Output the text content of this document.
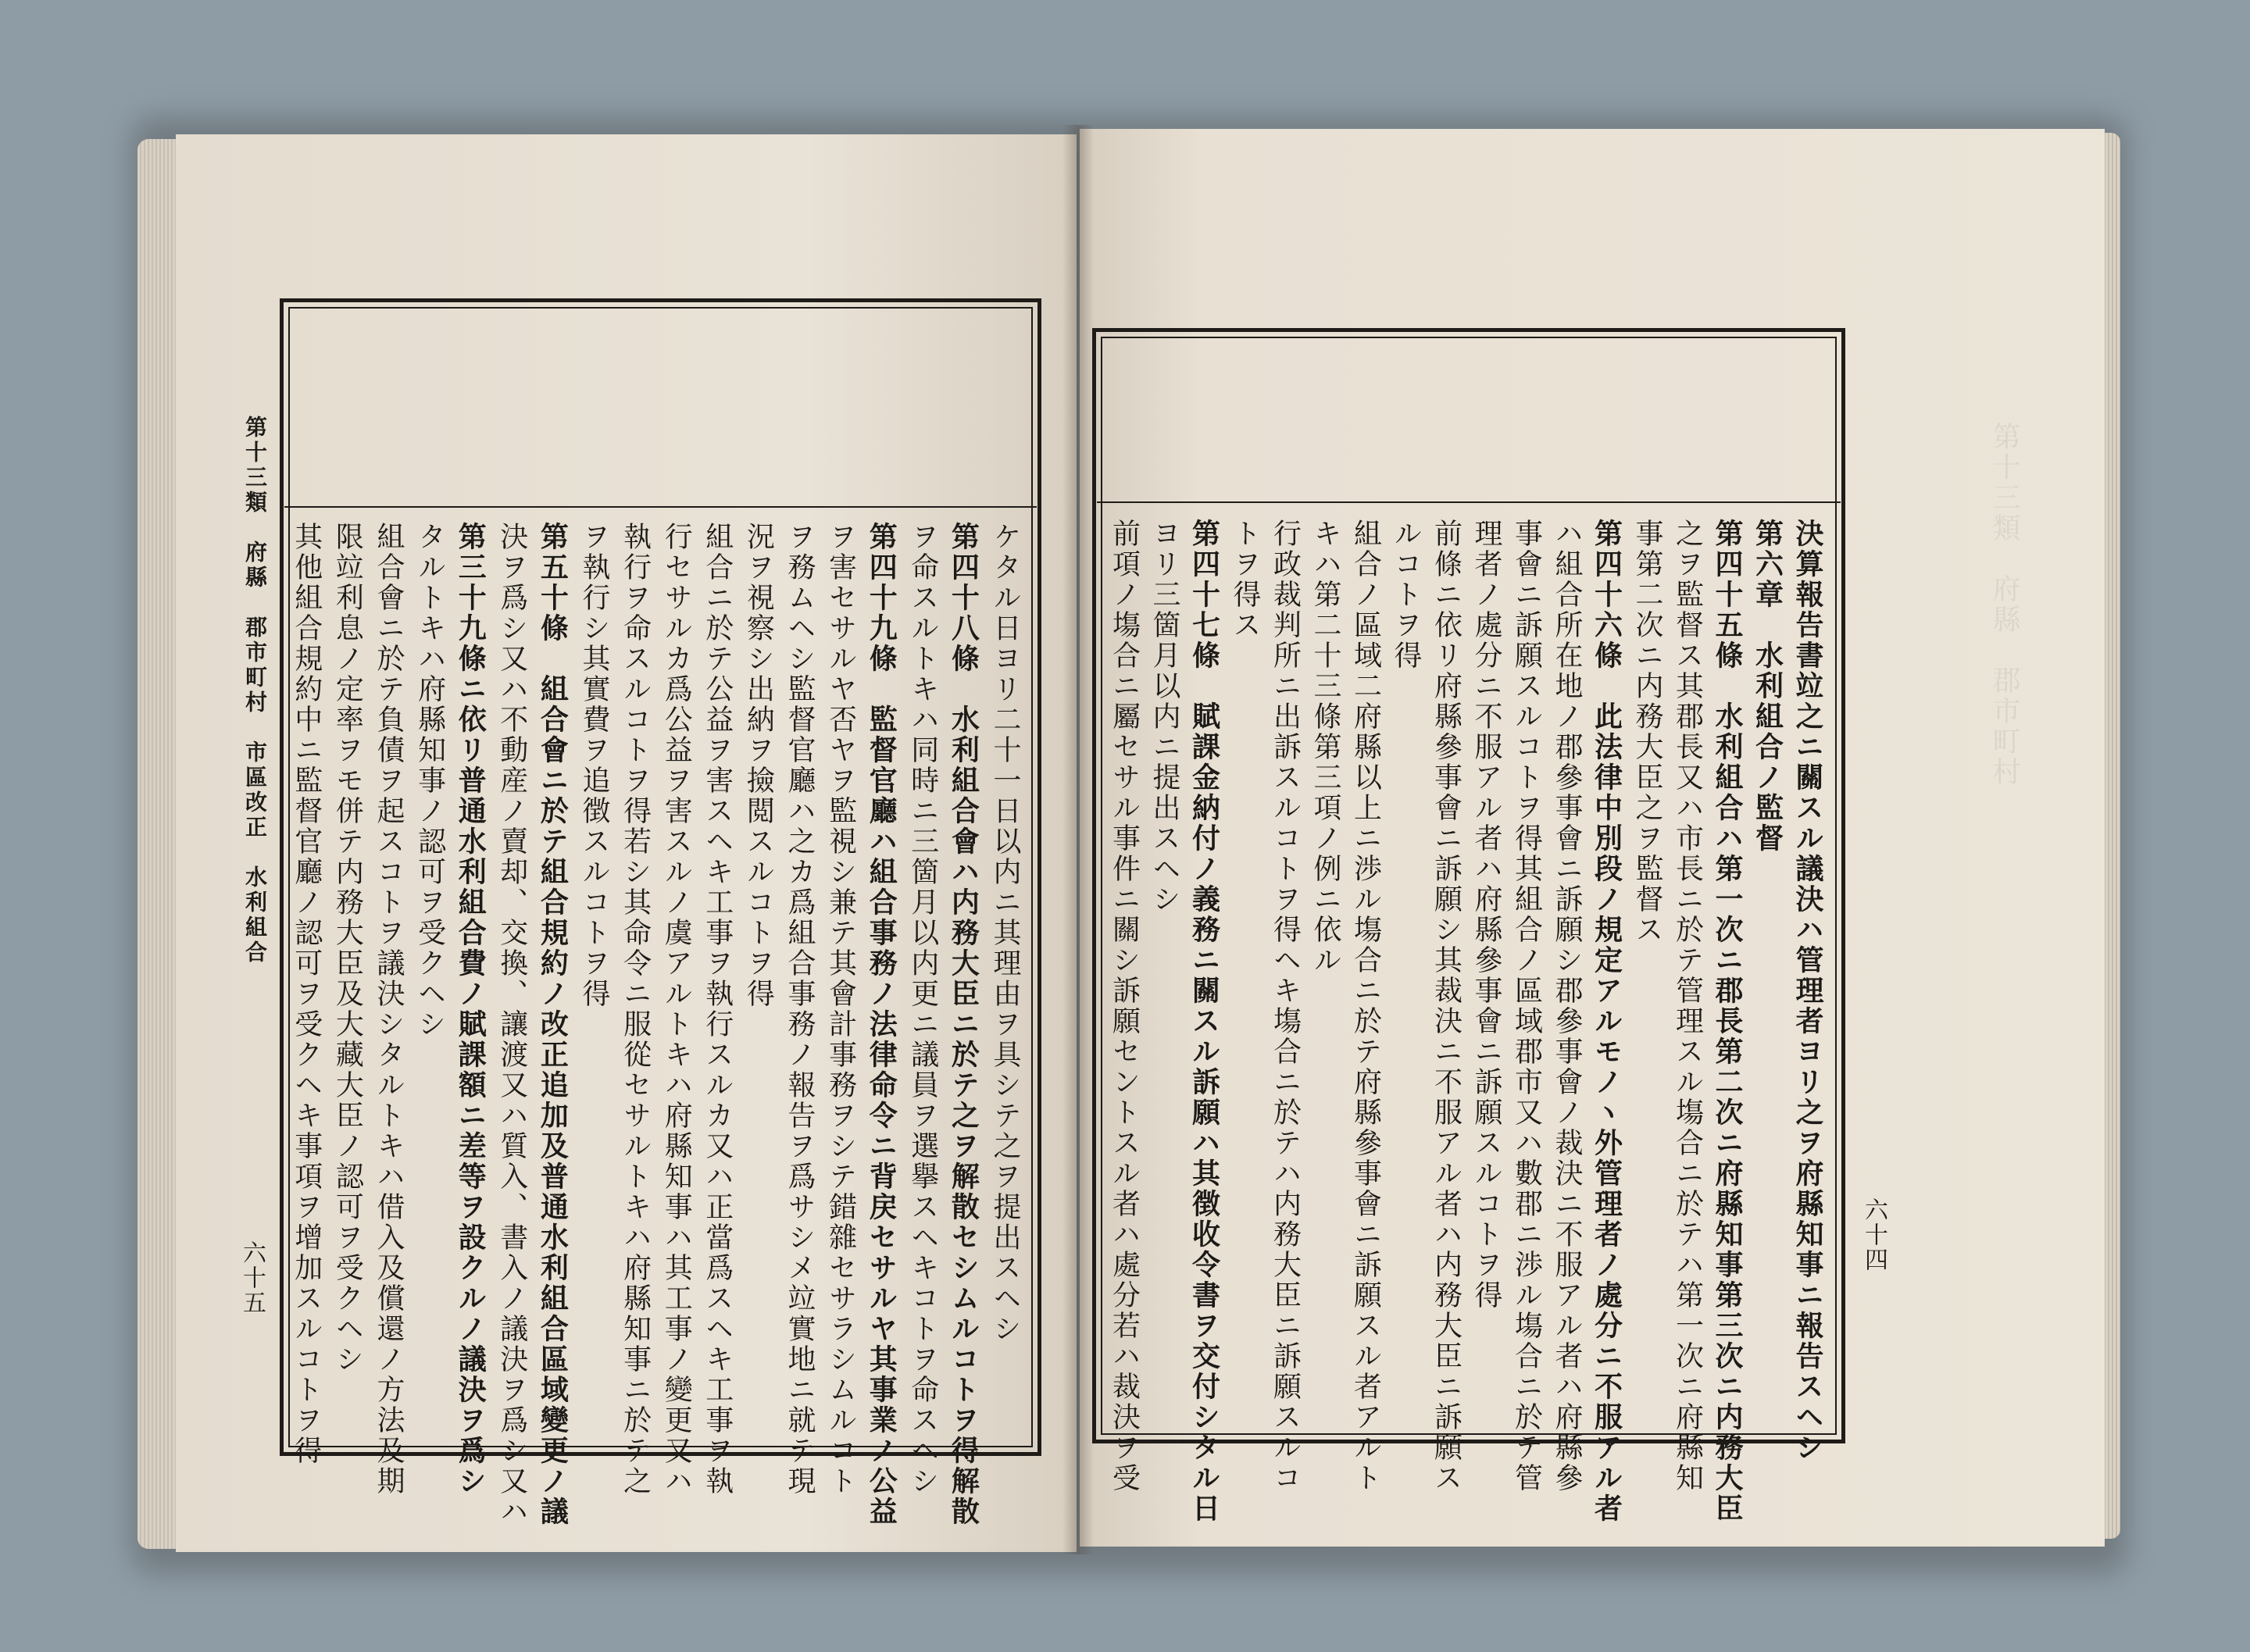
第十三類　府縣　郡市町村
第十三類　府縣　郡市町村　市區改正　水利組合
六十五	ケタル日ヨリ二十一日以内ニ其理由ヲ具シテ之ヲ提出スヘシ
第四十八條　水利組合會ハ内務大臣ニ於テ之ヲ解散セシムルコトヲ得解散
ヲ命スルトキハ同時ニ三箇月以内更ニ議員ヲ選擧スヘキコトヲ命スヘシ
第四十九條　監督官廳ハ組合事務ノ法律命令ニ背戻セサルヤ其事業ノ公益
ヲ害セサルヤ否ヤヲ監視シ兼テ其會計事務ヲシテ錯雜セサラシムルコト
ヲ務ムヘシ監督官廳ハ之カ爲組合事務ノ報告ヲ爲サシメ竝實地ニ就テ現
況ヲ視察シ出納ヲ撿閲スルコトヲ得
組合ニ於テ公益ヲ害スヘキ工事ヲ執行スルカ又ハ正當爲スヘキ工事ヲ執
行セサルカ爲公益ヲ害スルノ虞アルトキハ府縣知事ハ其工事ノ變更又ハ
執行ヲ命スルコトヲ得若シ其命令ニ服從セサルトキハ府縣知事ニ於テ之
ヲ執行シ其實費ヲ追徴スルコトヲ得
第五十條　組合會ニ於テ組合規約ノ改正追加及普通水利組合區域變更ノ議
決ヲ爲シ又ハ不動産ノ賣却、交換、讓渡又ハ質入、書入ノ議決ヲ爲シ又ハ
第三十九條ニ依リ普通水利組合費ノ賦課額ニ差等ヲ設クルノ議決ヲ爲シ
タルトキハ府縣知事ノ認可ヲ受クヘシ
組合會ニ於テ負債ヲ起スコトヲ議決シタルトキハ借入及償還ノ方法及期
限竝利息ノ定率ヲモ併テ内務大臣及大藏大臣ノ認可ヲ受クヘシ
其他組合規約中ニ監督官廳ノ認可ヲ受クヘキ事項ヲ增加スルコトヲ得	六十四
決算報告書竝之ニ關スル議決ハ管理者ヨリ之ヲ府縣知事ニ報告スヘシ
第六章　水利組合ノ監督
第四十五條　水利組合ハ第一次ニ郡長第二次ニ府縣知事第三次ニ内務大臣
之ヲ監督ス其郡長又ハ市長ニ於テ管理スル塲合ニ於テハ第一次ニ府縣知
事第二次ニ内務大臣之ヲ監督ス
第四十六條　此法律中別段ノ規定アルモノヽ外管理者ノ處分ニ不服アル者
ハ組合所在地ノ郡參事會ニ訴願シ郡參事會ノ裁決ニ不服アル者ハ府縣參
事會ニ訴願スルコトヲ得其組合ノ區域郡市又ハ數郡ニ渉ル塲合ニ於テ管
理者ノ處分ニ不服アル者ハ府縣參事會ニ訴願スルコトヲ得
前條ニ依リ府縣參事會ニ訴願シ其裁決ニ不服アル者ハ内務大臣ニ訴願ス
ルコトヲ得
組合ノ區域二府縣以上ニ渉ル塲合ニ於テ府縣參事會ニ訴願スル者アルト
キハ第二十三條第三項ノ例ニ依ル
行政裁判所ニ出訴スルコトヲ得ヘキ塲合ニ於テハ内務大臣ニ訴願スルコ
トヲ得ス
第四十七條　賦課金納付ノ義務ニ關スル訴願ハ其徴收令書ヲ交付シタル日
ヨリ三箇月以内ニ提出スヘシ
前項ノ塲合ニ屬セサル事件ニ關シ訴願セントスル者ハ處分若ハ裁決ヲ受
